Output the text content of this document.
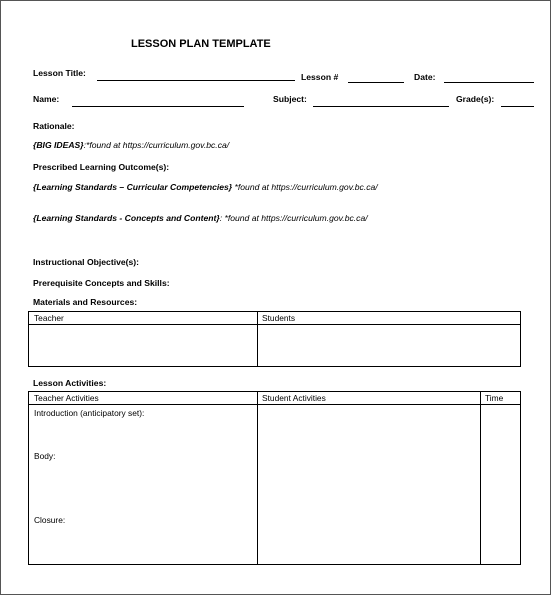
LESSON PLAN TEMPLATE
Lesson Title:	Lesson #	Date:
Name:	Subject:	Grade(s):
Rationale:
{BIG IDEAS}:*found at https://curriculum.gov.bc.ca/
Prescribed Learning Outcome(s):
{Learning Standards – Curricular Competencies} *found at https://curriculum.gov.bc.ca/
{Learning Standards - Concepts and Content}: *found at https://curriculum.gov.bc.ca/
Instructional Objective(s):
Prerequisite Concepts and Skills:
Materials and Resources:
Teacher	Students
Lesson Activities:
Teacher Activities	Student Activities	Time
Introduction (anticipatory set):
Body:
Closure:
